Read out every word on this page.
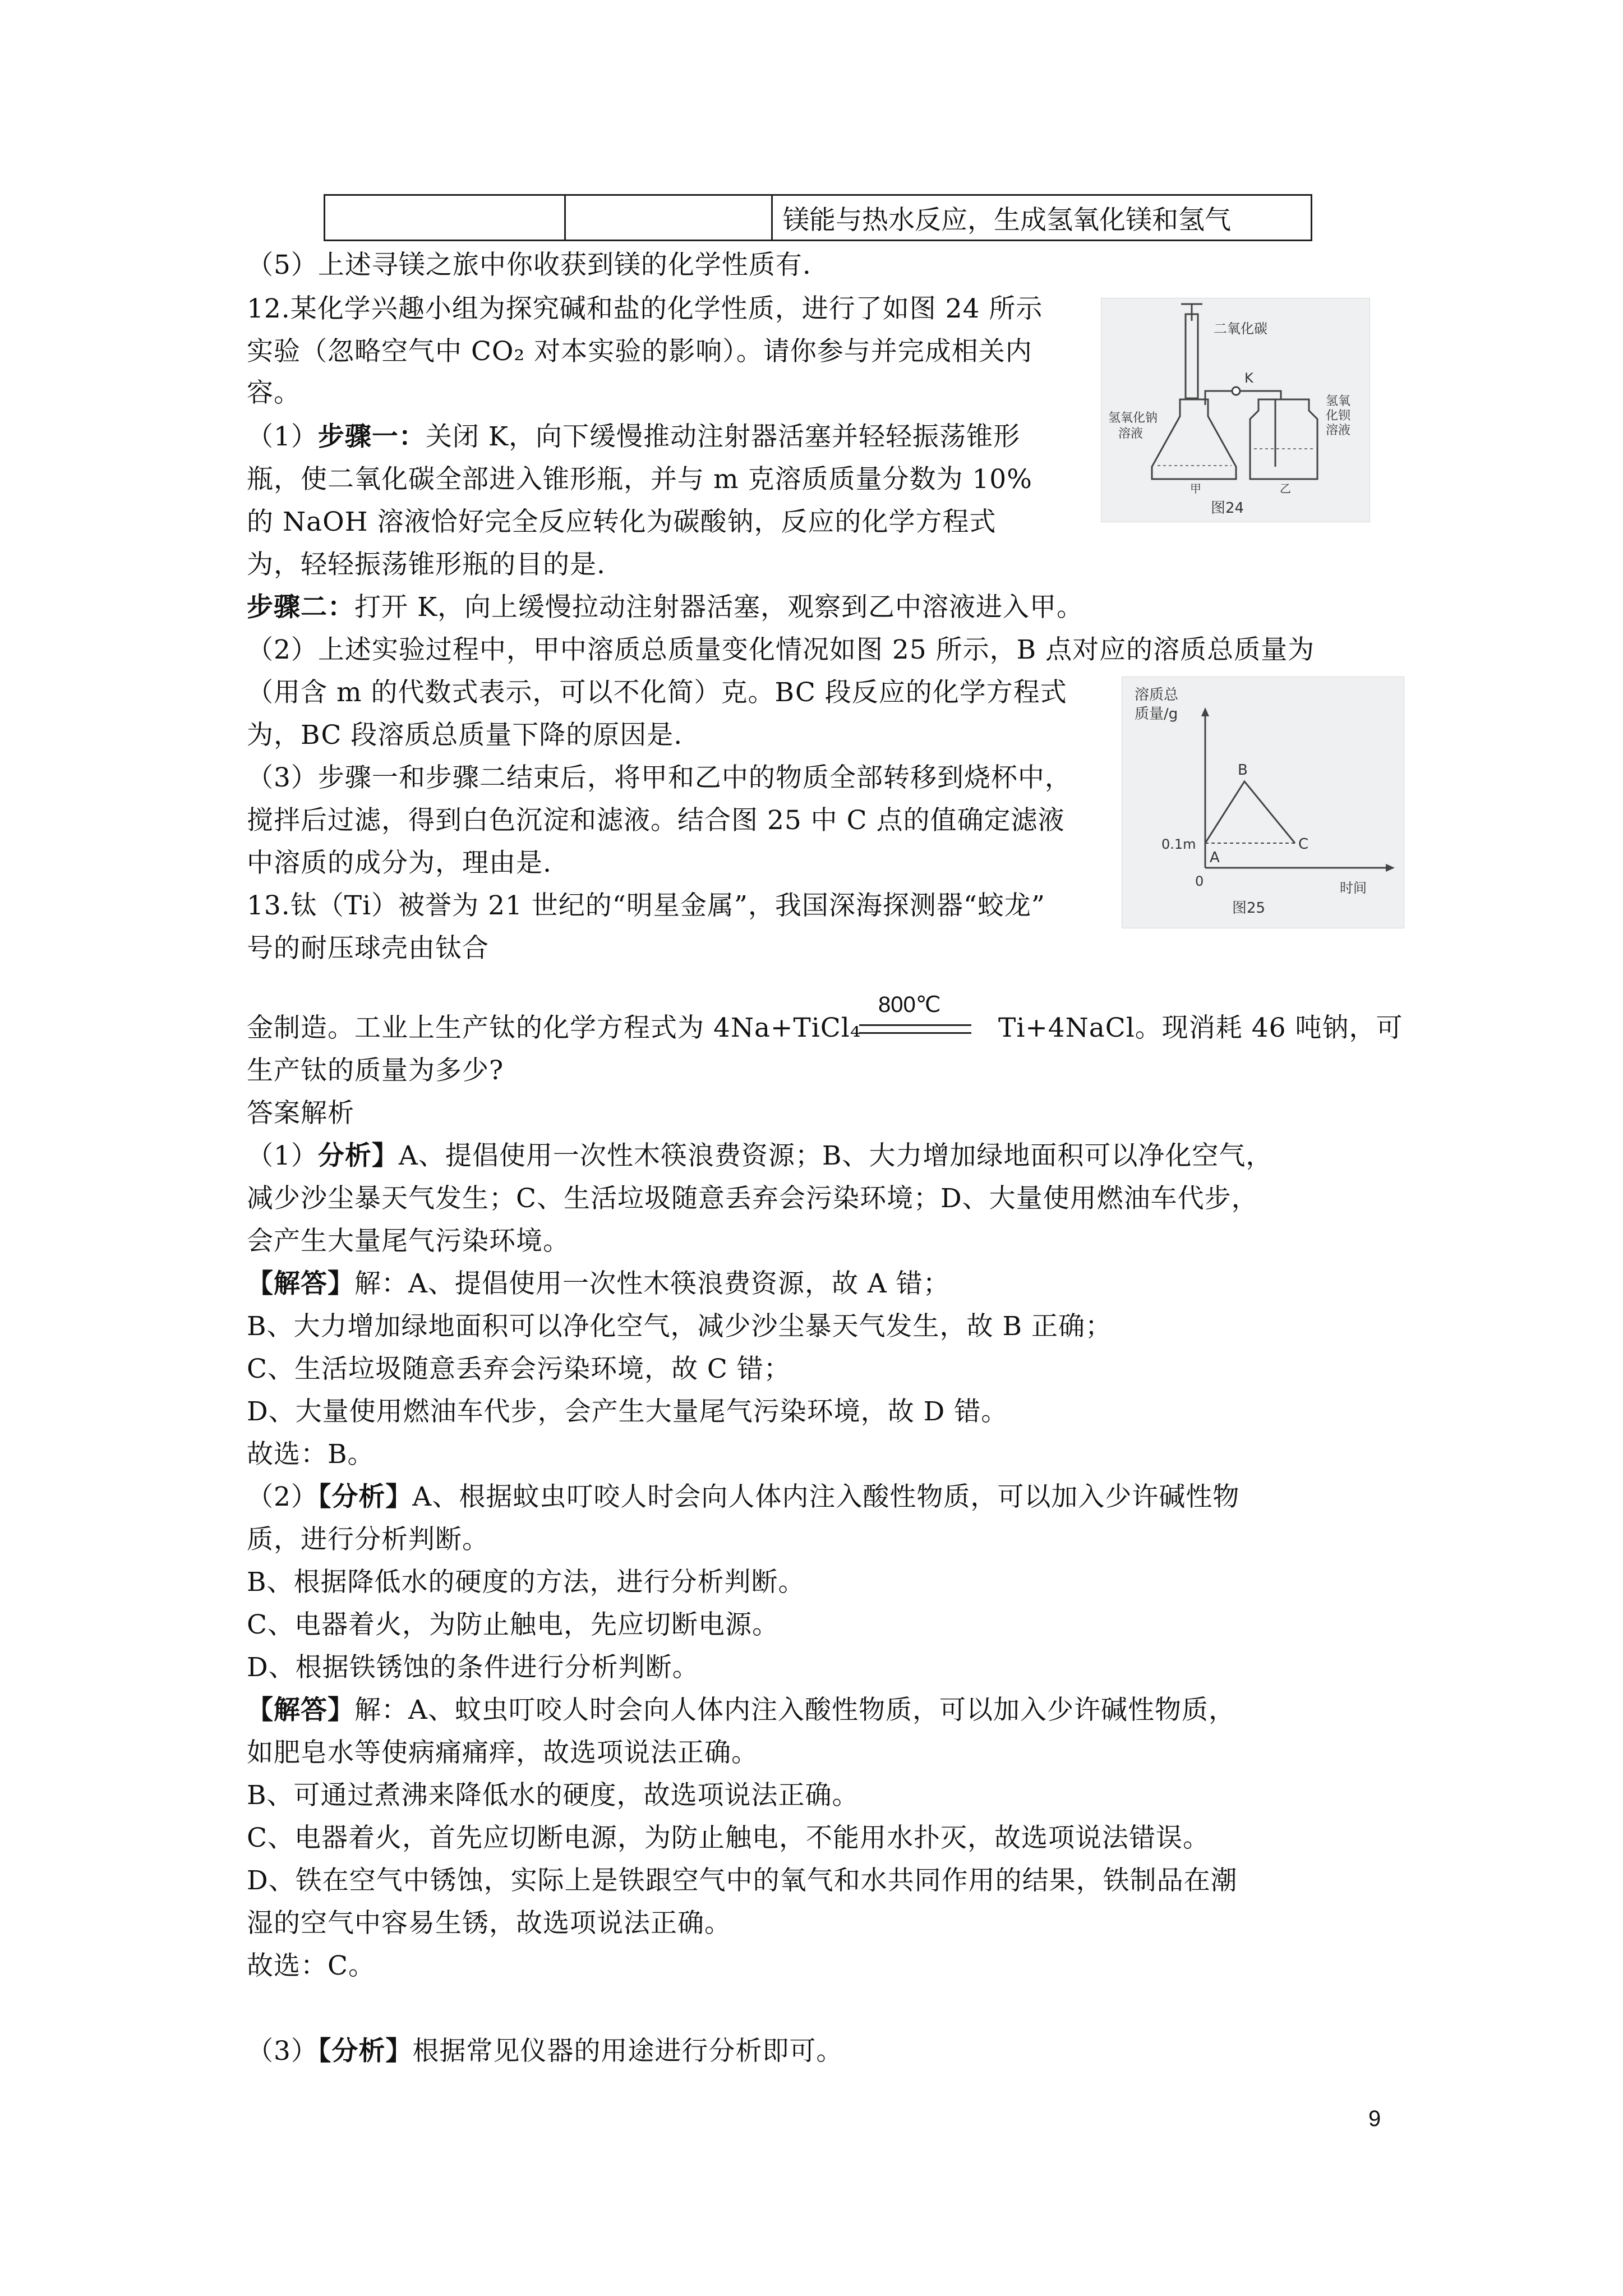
		镁能与热水反应，生成氢氧化镁和氢气
（5）上述寻镁之旅中你收获到镁的化学性质有.
12.某化学兴趣小组为探究碱和盐的化学性质，进行了如图 24 所示
实验（忽略空气中 CO₂ 对本实验的影响）。请你参与并完成相关内
容。
（1）步骤一：关闭 K，向下缓慢推动注射器活塞并轻轻振荡锥形
瓶，使二氧化碳全部进入锥形瓶，并与 m 克溶质质量分数为 10%
的 NaOH 溶液恰好完全反应转化为碳酸钠，反应的化学方程式
为，轻轻振荡锥形瓶的目的是.
步骤二：打开 K，向上缓慢拉动注射器活塞，观察到乙中溶液进入甲。
（2）上述实验过程中，甲中溶质总质量变化情况如图 25 所示，B 点对应的溶质总质量为
（用含 m 的代数式表示，可以不化简）克。BC 段反应的化学方程式
为，BC 段溶质总质量下降的原因是.
（3）步骤一和步骤二结束后，将甲和乙中的物质全部转移到烧杯中，
搅拌后过滤，得到白色沉淀和滤液。结合图 25 中 C 点的值确定滤液
中溶质的成分为，理由是.
13.钛（Ti）被誉为 21 世纪的“明星金属”，我国深海探测器“蛟龙”
号的耐压球壳由钛合
800℃
金制造。工业上生产钛的化学方程式为 4Na+TiCl₄	Ti+4NaCl。现消耗 46 吨钠，可
生产钛的质量为多少?
答案解析
（1）分析】A、提倡使用一次性木筷浪费资源；B、大力增加绿地面积可以净化空气，
减少沙尘暴天气发生；C、生活垃圾随意丢弃会污染环境；D、大量使用燃油车代步，
会产生大量尾气污染环境。
【解答】解：A、提倡使用一次性木筷浪费资源，故 A 错；
B、大力增加绿地面积可以净化空气，减少沙尘暴天气发生，故 B 正确；
C、生活垃圾随意丢弃会污染环境，故 C 错；
D、大量使用燃油车代步，会产生大量尾气污染环境，故 D 错。
故选：B。
（2）【分析】A、根据蚊虫叮咬人时会向人体内注入酸性物质，可以加入少许碱性物
质，进行分析判断。
B、根据降低水的硬度的方法，进行分析判断。
C、电器着火，为防止触电，先应切断电源。
D、根据铁锈蚀的条件进行分析判断。
【解答】解：A、蚊虫叮咬人时会向人体内注入酸性物质，可以加入少许碱性物质，
如肥皂水等使病痛痛痒，故选项说法正确。
B、可通过煮沸来降低水的硬度，故选项说法正确。
C、电器着火，首先应切断电源，为防止触电，不能用水扑灭，故选项说法错误。
D、铁在空气中锈蚀，实际上是铁跟空气中的氧气和水共同作用的结果，铁制品在潮
湿的空气中容易生锈，故选项说法正确。
故选：C。
（3）【分析】根据常见仪器的用途进行分析即可。
二氧化碳
K
氢氧化钠
溶液
氢氧
化钡
溶液
甲	乙
图24
溶质总
质量/g
B
A
C
0.1m
0	时间
图25
9
